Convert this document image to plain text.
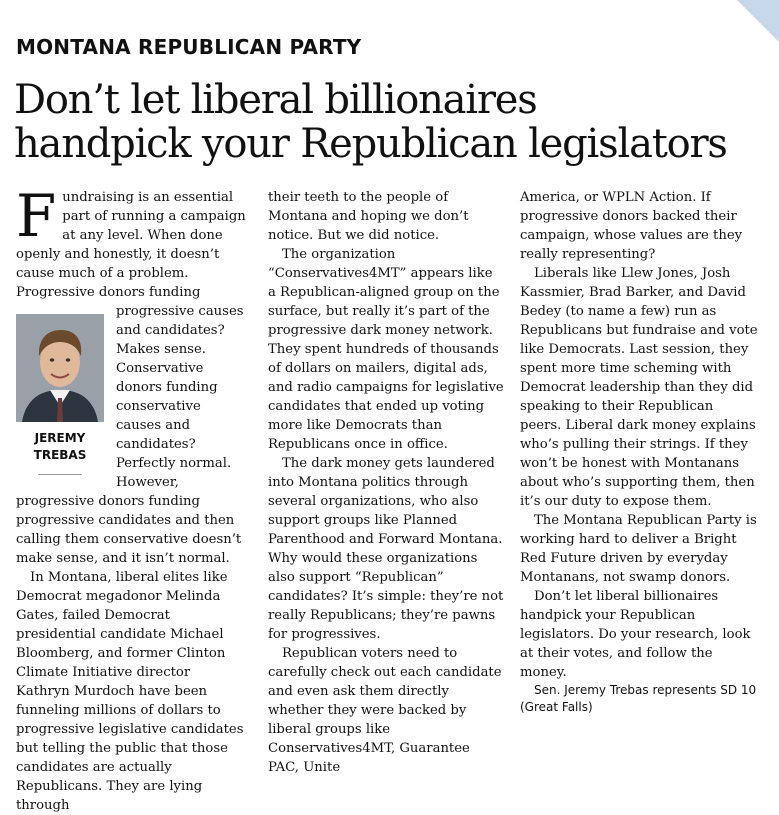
MONTANA REPUBLICAN PARTY
Don’t let liberal billionaires
handpick your Republican legislators

F undraising is an essential part of running a campaign at any level. When done openly and honestly, it doesn’t cause much of a problem. Progressive donors funding pro
JEREMY
TREBAS
gressive causes and candidates? Makes sense. Conservative donors funding conservative causes and candidates? Perfectly normal. However, progressive donors funding progressive candidates and then calling them conservative doesn’t make sense, and it isn’t normal.

In Montana, liberal elites like Democrat megadonor Melinda Gates, failed Democrat presidential candidate Michael Bloomberg, and former Clinton Climate Initiative director Kathryn Murdoch have been funneling millions of dollars to progressive legislative candidates but telling the public that those candidates are actually Republicans. They are lying through

their teeth to the people of Montana and hoping we don’t notice. But we did notice.

The organization “Conservatives4MT” appears like a Republican-aligned group on the surface, but really it’s part of the progressive dark money network. They spent hundreds of thousands of dollars on mailers, digital ads, and radio campaigns for legislative candidates that ended up voting more like Democrats than Republicans once in office.

The dark money gets laundered into Montana politics through several organizations, who also support groups like Planned Parenthood and Forward Montana. Why would these organizations also support “Republican” candidates? It’s simple: they’re not really Republicans; they’re pawns for progressives.

Republican voters need to carefully check out each candidate and even ask them directly whether they were backed by liberal groups like Conservatives4MT, Guarantee PAC, Unite

America, or WPLN Action. If progressive donors backed their campaign, whose values are they really representing?

Liberals like Llew Jones, Josh Kassmier, Brad Barker, and David Bedey (to name a few) run as Republicans but fundraise and vote like Democrats. Last session, they spent more time scheming with Democrat leadership than they did speaking to their Republican peers. Liberal dark money explains who’s pulling their strings. If they won’t be honest with Montanans about who’s supporting them, then it’s our duty to expose them.

The Montana Republican Party is working hard to deliver a Bright Red Future driven by everyday Montanans, not swamp donors.

Don’t let liberal billionaires handpick your Republican legislators. Do your research, look at their votes, and follow the money.

Sen. Jeremy Trebas represents SD 10 (Great Falls)
